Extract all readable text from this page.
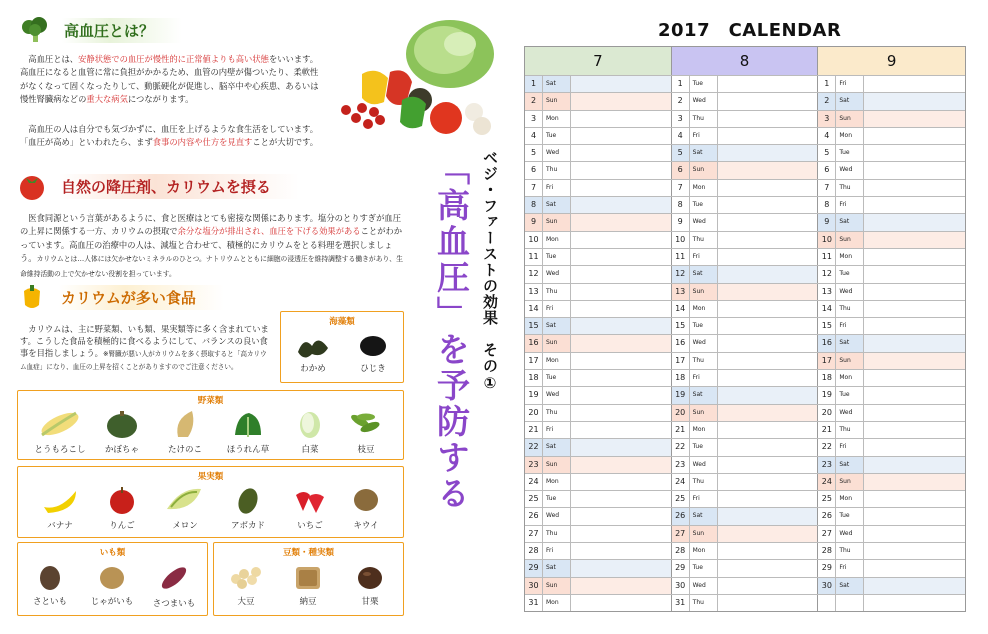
高血圧とは？
　高血圧とは、安静状態での血圧が慢性的に正常値よりも高い状態をいいます。高血圧になると血管に常に負担がかかるため、血管の内壁が傷ついたり、柔軟性がなくなって固くなったりして、動脈硬化が促進し、脳卒中や心疾患、あるいは慢性腎臓病などの重大な病気につながります。
　高血圧の人は自分でも気づかずに、血圧を上げるような食生活をしています。「血圧が高め」といわれたら、まず食事の内容や仕方を見直すことが大切です。
自然の降圧剤、カリウムを摂る
　医食同源という言葉があるように、食と医療はとても密接な関係にあります。塩分のとりすぎが血圧の上昇に関係する一方、カリウムの摂取で余分な塩分が排出され、血圧を下げる効果があることがわかっています。高血圧の治療中の人は、減塩と合わせて、積極的にカリウムをとる料理を選択しましょう。カリウムとは…人体には欠かせないミネラルのひとつ。ナトリウムとともに細胞の浸透圧を維持調整する働きがあり、生命維持活動の上で欠かせない役割を担っています。
カリウムが多い食品
　カリウムは、主に野菜類、いも類、果実類等に多く含まれています。こうした食品を積極的に食べるようにして、バランスの良い食事を目指しましょう。※腎臓が悪い人がカリウムを多く摂取すると「高カリウム血症」になり、血圧の上昇を招くことがありますのでご注意ください。
海藻類
わかめ	ひじき
野菜類
とうもろこし	かぼちゃ	たけのこ	ほうれん草	白菜	枝豆
果実類
バナナ	りんご	メロン	アボカド	いちご	キウイ
いも類
さといも	じゃがいも	さつまいも
豆類・種実類
大豆	納豆	甘栗
ベジ・ファーストの効果　その①
「高血圧」を予防する
2017　CALENDAR
7	8	9
1	Sat	1	Tue	1	Fri
2	Sun	2	Wed	2	Sat
3	Mon	3	Thu	3	Sun
4	Tue	4	Fri	4	Mon
5	Wed	5	Sat	5	Tue
6	Thu	6	Sun	6	Wed
7	Fri	7	Mon	7	Thu
8	Sat	8	Tue	8	Fri
9	Sun	9	Wed	9	Sat
10	Mon	10	Thu	10	Sun
11	Tue	11	Fri	11	Mon
12	Wed	12	Sat	12	Tue
13	Thu	13	Sun	13	Wed
14	Fri	14	Mon	14	Thu
15	Sat	15	Tue	15	Fri
16	Sun	16	Wed	16	Sat
17	Mon	17	Thu	17	Sun
18	Tue	18	Fri	18	Mon
19	Wed	19	Sat	19	Tue
20	Thu	20	Sun	20	Wed
21	Fri	21	Mon	21	Thu
22	Sat	22	Tue	22	Fri
23	Sun	23	Wed	23	Sat
24	Mon	24	Thu	24	Sun
25	Tue	25	Fri	25	Mon
26	Wed	26	Sat	26	Tue
27	Thu	27	Sun	27	Wed
28	Fri	28	Mon	28	Thu
29	Sat	29	Tue	29	Fri
30	Sun	30	Wed	30	Sat
31	Mon	31	Thu
